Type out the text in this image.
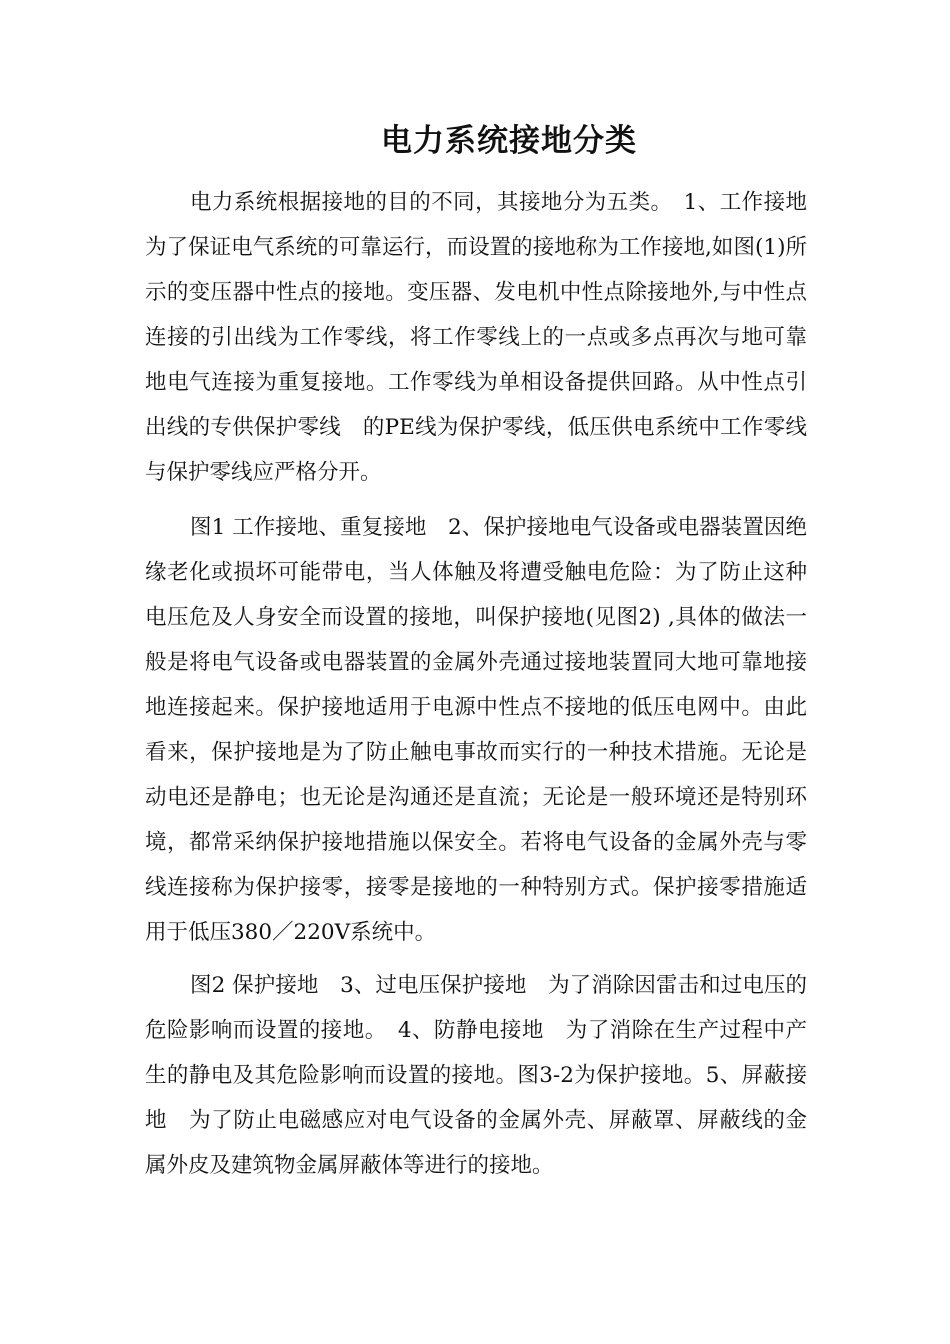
电力系统接地分类

电力系统根据接地的目的不同，其接地分为五类。　1、工作接地为了保证电气系统的可靠运行，而设置的接地称为工作接地,如图(1)所示的变压器中性点的接地。变压器、发电机中性点除接地外,与中性点连接的引出线为工作零线，将工作零线上的一点或多点再次与地可靠地电气连接为重复接地。工作零线为单相设备提供回路。从中性点引出线的专供保护零线　的PE线为保护零线，低压供电系统中工作零线与保护零线应严格分开。

图1 工作接地、重复接地　2、保护接地电气设备或电器装置因绝缘老化或损坏可能带电，当人体触及将遭受触电危险：为了防止这种电压危及人身安全而设置的接地，叫保护接地(见图2) ,具体的做法一般是将电气设备或电器装置的金属外壳通过接地装置同大地可靠地接地连接起来。保护接地适用于电源中性点不接地的低压电网中。由此看来，保护接地是为了防止触电事故而实行的一种技术措施。无论是动电还是静电；也无论是沟通还是直流；无论是一般环境还是特别环境，都常采纳保护接地措施以保安全。若将电气设备的金属外壳与零线连接称为保护接零，接零是接地的一种特别方式。保护接零措施适用于低压380／220V系统中。

图2 保护接地　3、过电压保护接地　为了消除因雷击和过电压的危险影响而设置的接地。　4、防静电接地　为了消除在生产过程中产生的静电及其危险影响而设置的接地。图3-2为保护接地。5、屏蔽接地　为了防止电磁感应对电气设备的金属外壳、屏蔽罩、屏蔽线的金属外皮及建筑物金属屏蔽体等进行的接地。
